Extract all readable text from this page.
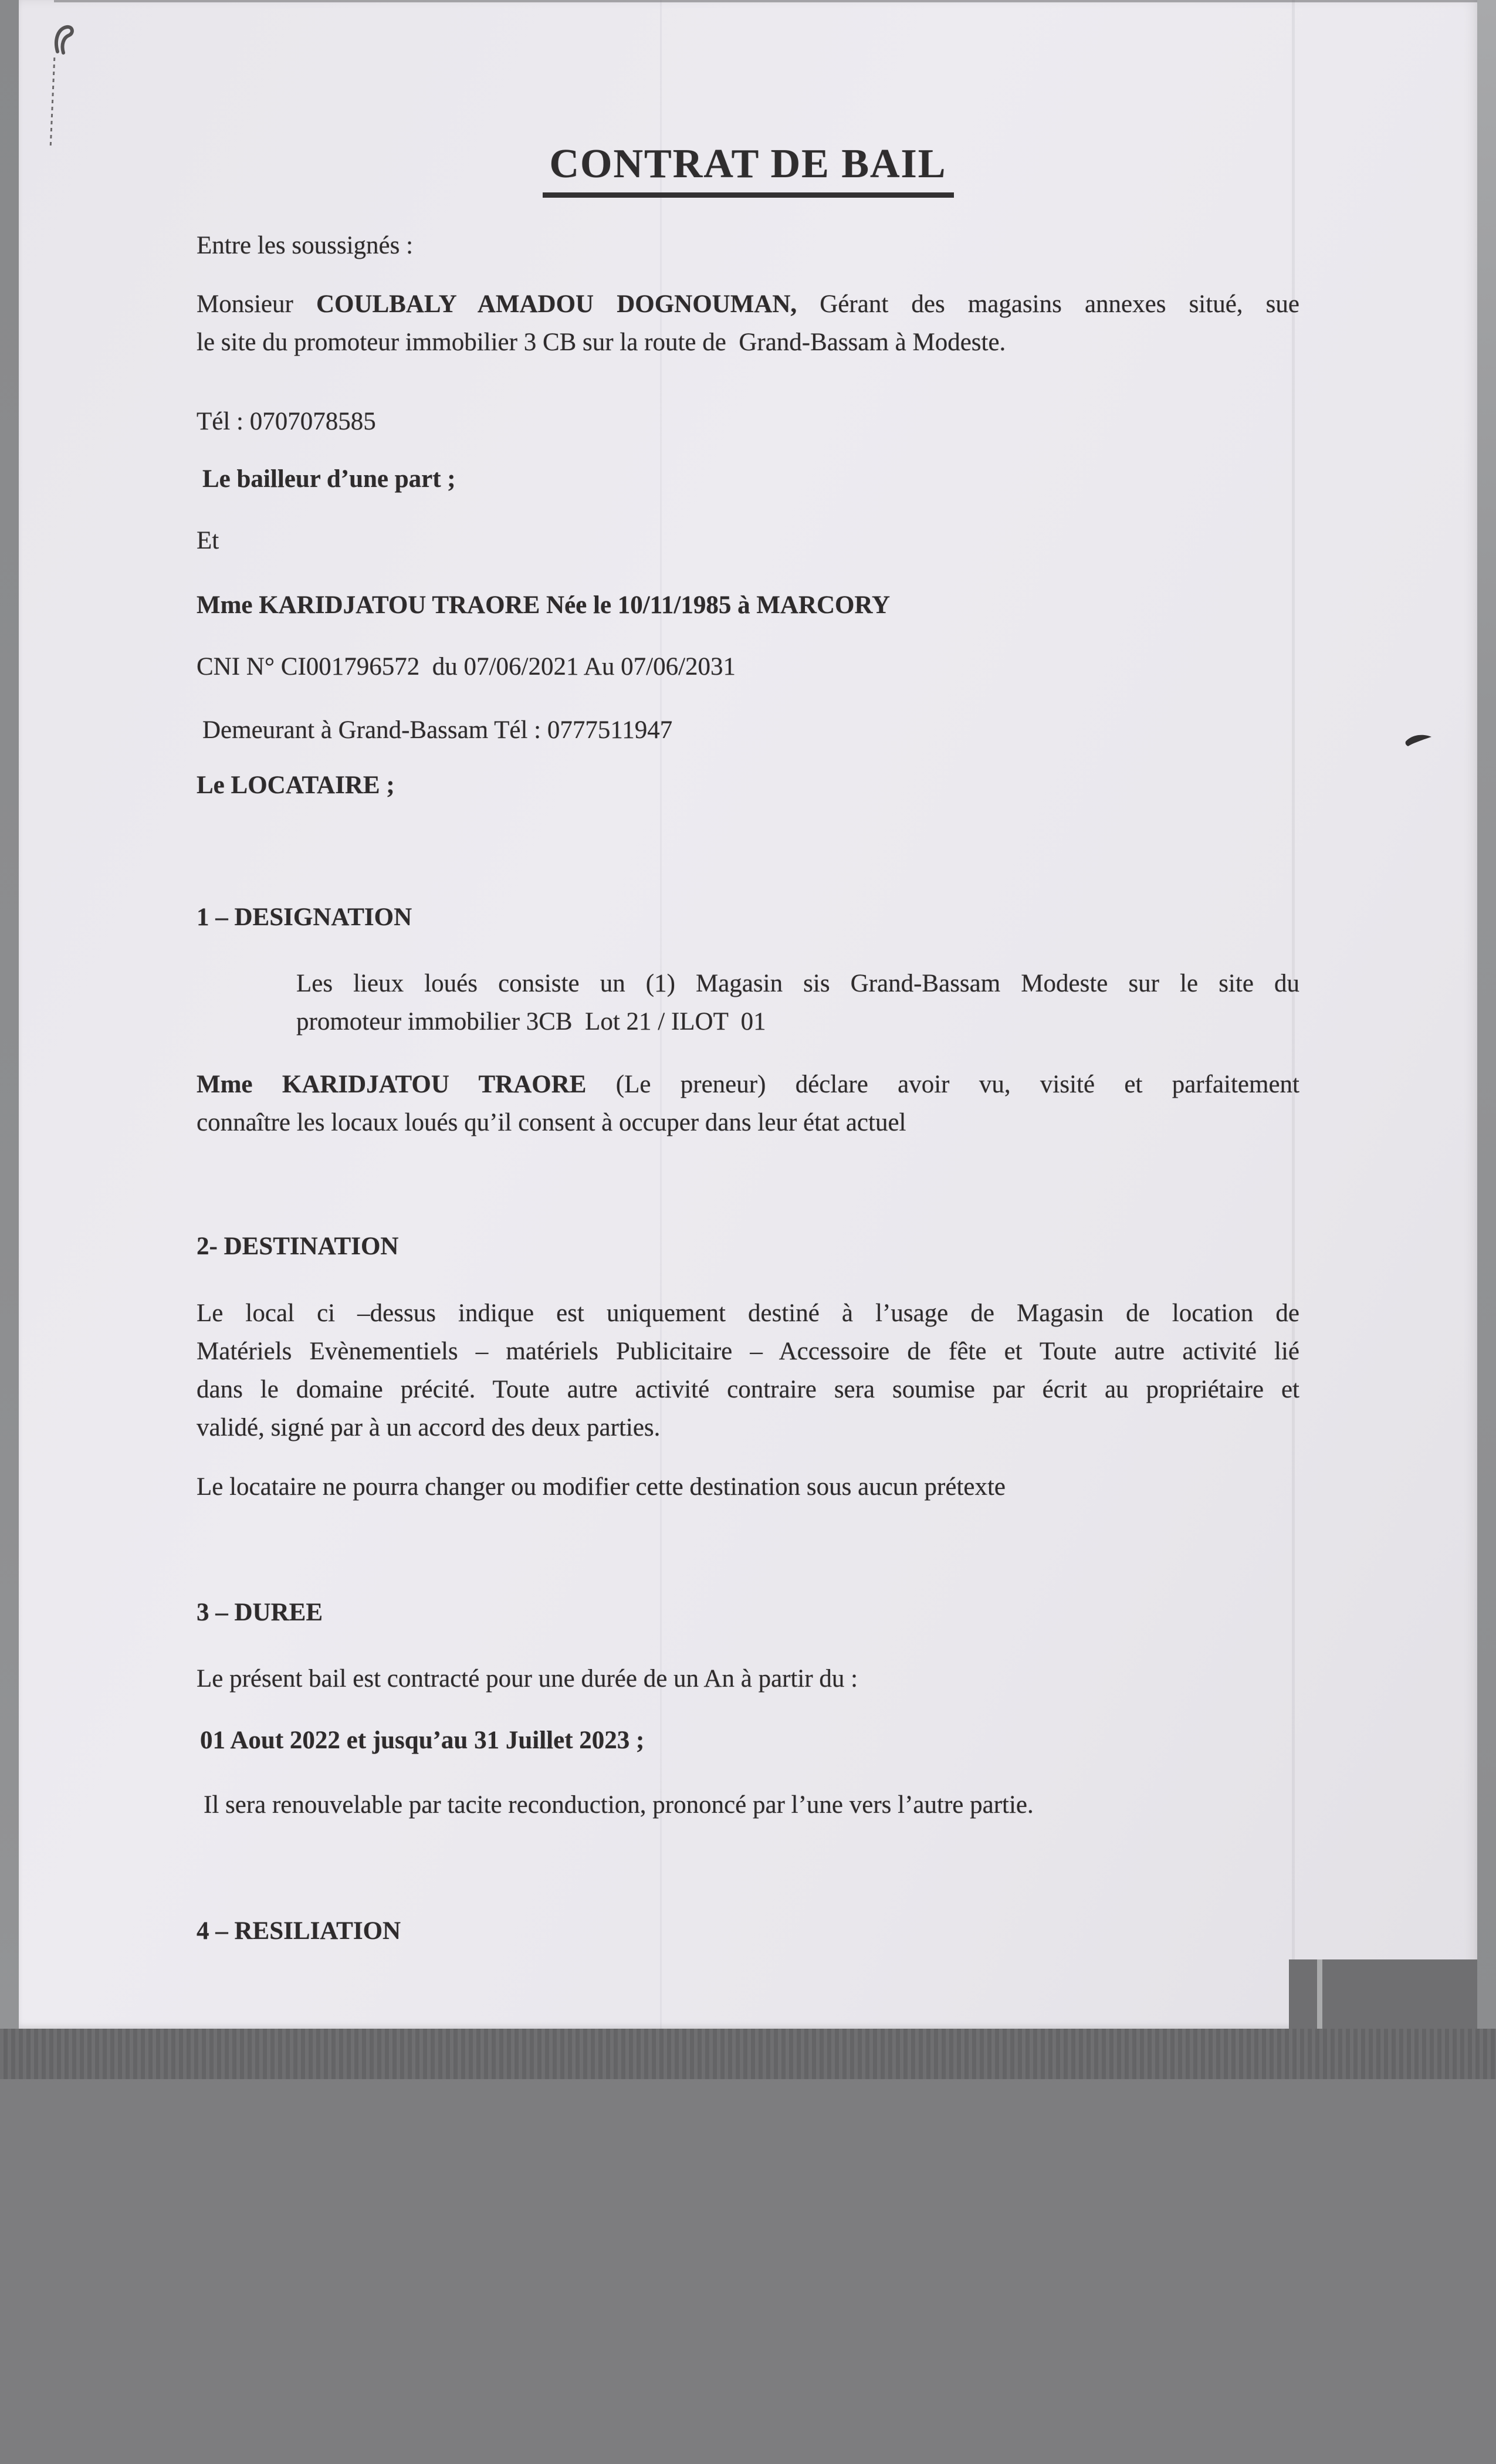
CONTRAT DE BAIL
Entre les soussignés :
Monsieur COULBALY AMADOU DOGNOUMAN, Gérant des magasins annexes situé, sue
le site du promoteur immobilier 3 CB sur la route de  Grand-Bassam à Modeste.
Tél : 0707078585
Le bailleur d’une part ;
Et
Mme KARIDJATOU TRAORE Née le 10/11/1985 à MARCORY
CNI N° CI001796572  du 07/06/2021 Au 07/06/2031
Demeurant à Grand-Bassam Tél : 0777511947
Le LOCATAIRE ;
1 – DESIGNATION
Les lieux loués consiste un (1) Magasin sis Grand-Bassam Modeste sur le site du
promoteur immobilier 3CB  Lot 21 / ILOT  01
Mme KARIDJATOU TRAORE (Le preneur) déclare avoir vu, visité et parfaitement
connaître les locaux loués qu’il consent à occuper dans leur état actuel
2- DESTINATION
Le local ci –dessus indique est uniquement destiné à l’usage de Magasin de location de
Matériels Evènementiels – matériels Publicitaire – Accessoire de fête et Toute autre activité lié
dans le domaine précité. Toute autre activité contraire sera soumise par écrit au propriétaire et
validé, signé par à un accord des deux parties.
Le locataire ne pourra changer ou modifier cette destination sous aucun prétexte
3 – DUREE
Le présent bail est contracté pour une durée de un An à partir du :
01 Aout 2022 et jusqu’au 31 Juillet 2023 ;
Il sera renouvelable par tacite reconduction, prononcé par l’une vers l’autre partie.
4 – RESILIATION
